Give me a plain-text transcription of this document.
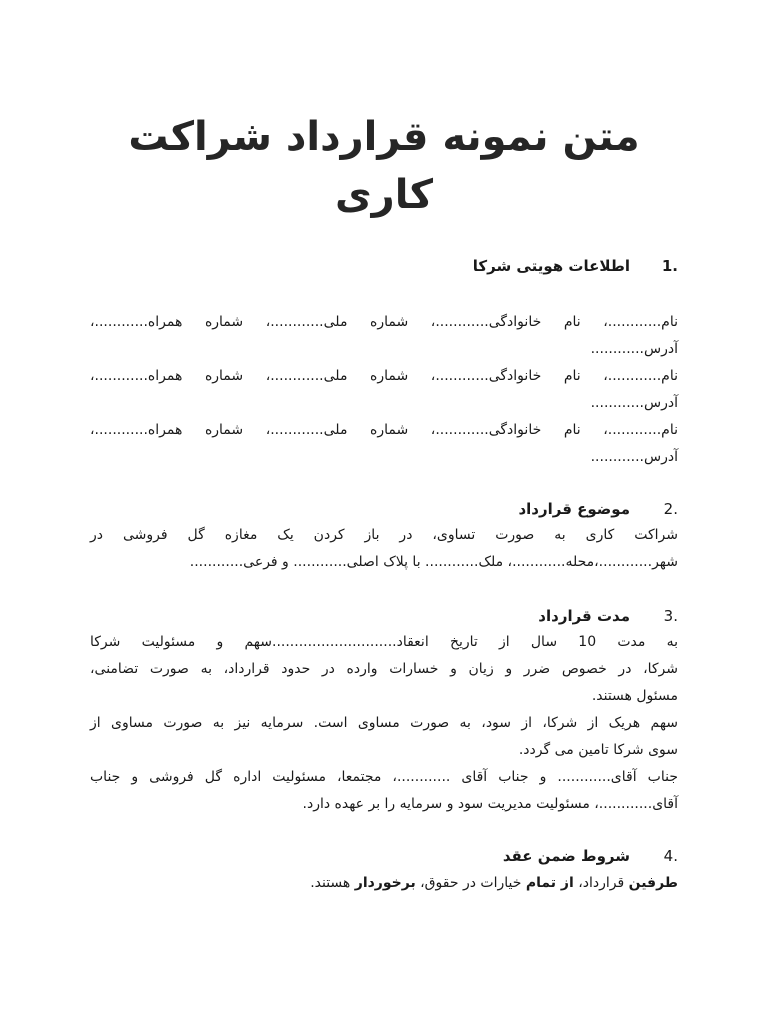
متن نمونه قرارداد شراکت
کاری
.1اطلاعات هویتی شرکا
نام............، نام خانوادگی............، شماره ملی............، شماره همراه............،
آدرس............
نام............، نام خانوادگی............، شماره ملی............، شماره همراه............،
آدرس............
نام............، نام خانوادگی............، شماره ملی............، شماره همراه............،
آدرس............
.2موضوع قرارداد
شراکت کاری به صورت تساوی، در باز کردن یک مغازه گل فروشی در
شهر............،محله............، ملک............ با پلاک اصلی............ و فرعی............
.3مدت قرارداد
به مدت 10 سال از تاریخ انعقاد............................سهم و مسئولیت شرکا
شرکا، در خصوص ضرر و زیان و خسارات وارده در حدود قرارداد، به صورت تضامنی،
مسئول هستند.
سهم هریک از شرکا، از سود، به صورت مساوی است. سرمایه نیز به صورت مساوی از
سوی شرکا تامین می گردد.
جناب آقای............ و جناب آقای ............، مجتمعا، مسئولیت اداره گل فروشی و جناب
آقای............، مسئولیت مدیریت سود و سرمایه را بر عهده دارد.
.4شروط ضمن عقد
طرفین قرارداد، از تمام خیارات در حقوق، برخوردار هستند.
